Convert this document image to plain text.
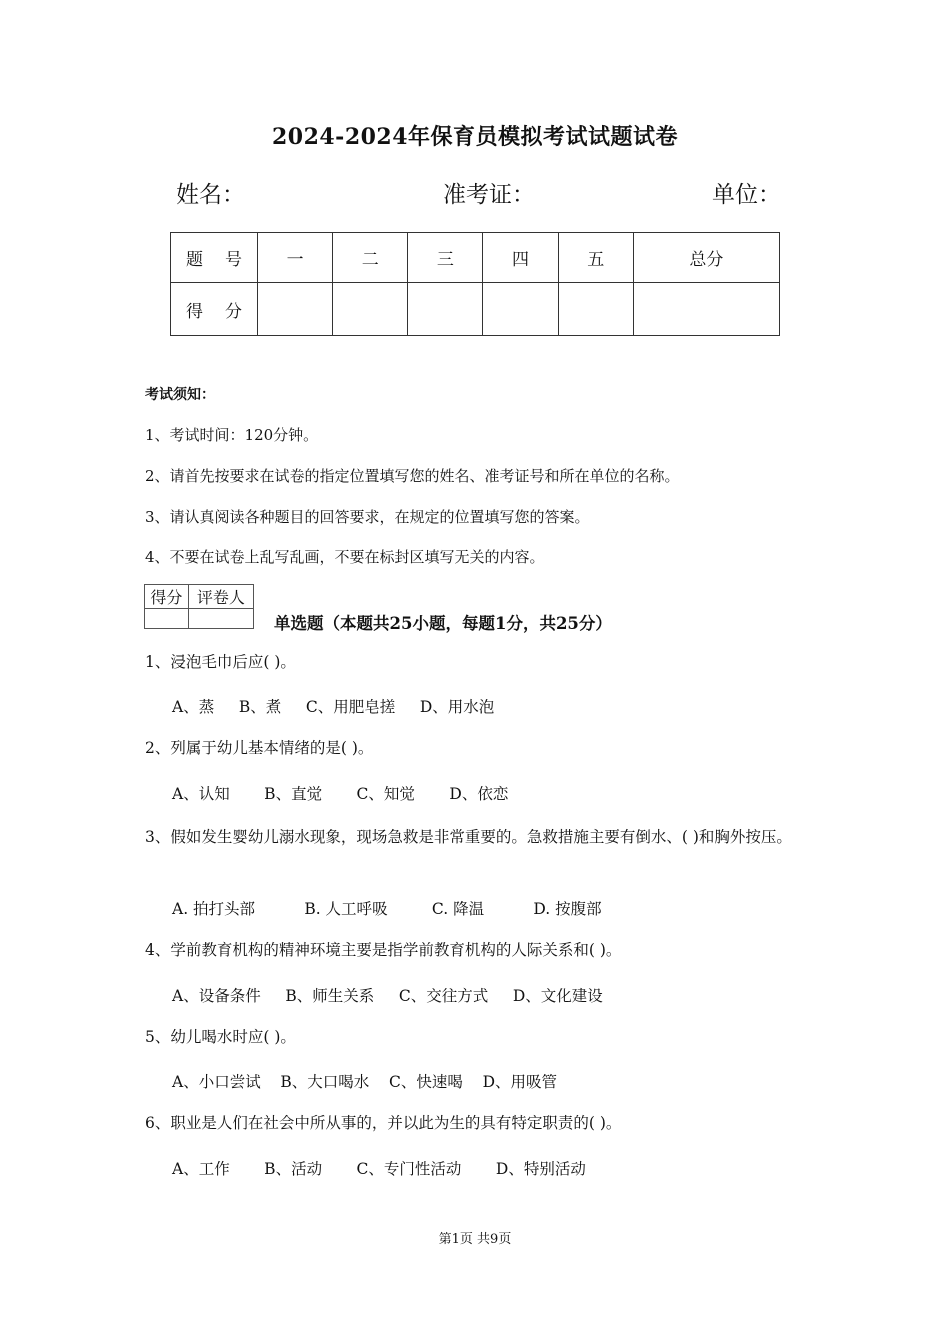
2024-2024年保育员模拟考试试题试卷
姓名：	准考证：	单位：
题　号	一	二	三	四	五	总分
得　分						
考试须知：
1、考试时间：120分钟。
2、请首先按要求在试卷的指定位置填写您的姓名、准考证号和所在单位的名称。
3、请认真阅读各种题目的回答要求，在规定的位置填写您的答案。
4、不要在试卷上乱写乱画，不要在标封区填写无关的内容。
得分	评卷人

单选题（本题共25小题，每题1分，共25分）
1、浸泡毛巾后应( )。
A、蒸     B、煮     C、用肥皂搓     D、用水泡
2、列属于幼儿基本情绪的是( )。
A、认知       B、直觉       C、知觉       D、依恋
3、假如发生婴幼儿溺水现象，现场急救是非常重要的。急救措施主要有倒水、( )和胸外按压。
A. 拍打头部          B. 人工呼吸         C. 降温          D. 按腹部
4、学前教育机构的精神环境主要是指学前教育机构的人际关系和( )。
A、设备条件     B、师生关系     C、交往方式     D、文化建设
5、幼儿喝水时应( )。
A、小口尝试    B、大口喝水    C、快速喝    D、用吸管
6、职业是人们在社会中所从事的，并以此为生的具有特定职责的( )。
A、工作       B、活动       C、专门性活动       D、特别活动
第1页 共9页
